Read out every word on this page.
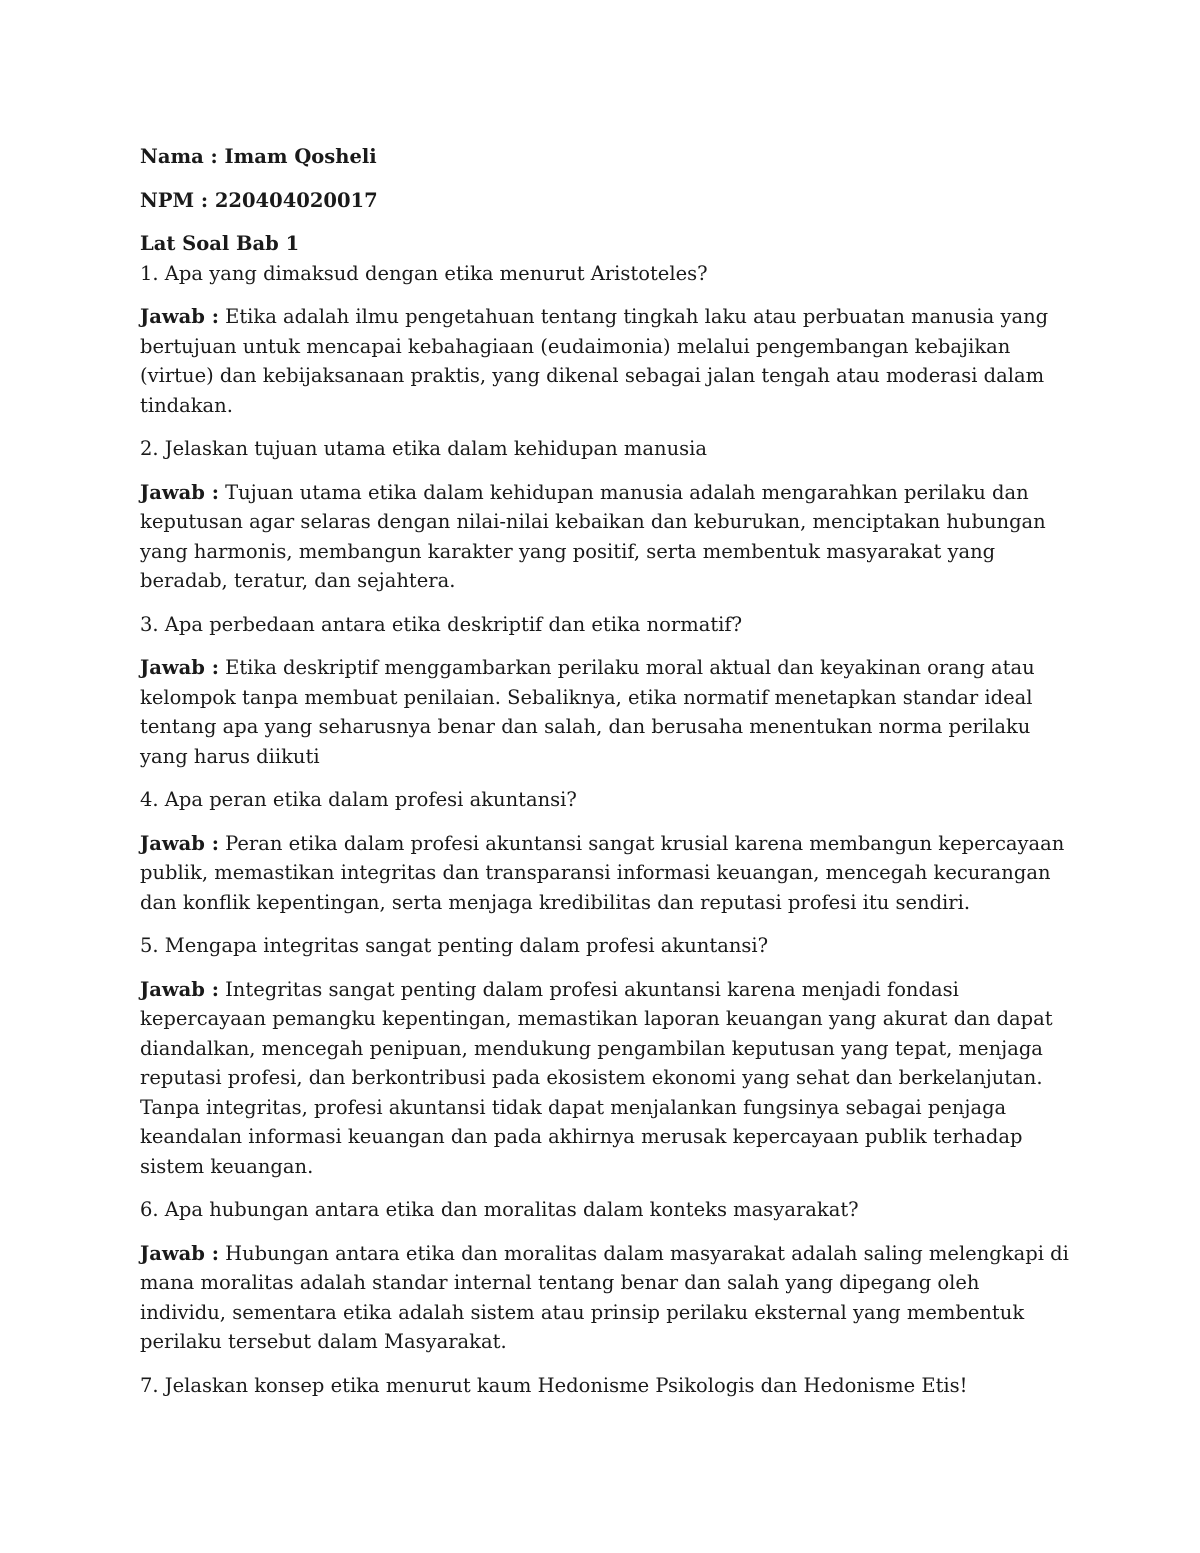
Nama : Imam Qosheli

NPM : 220404020017

Lat Soal Bab 1

1. Apa yang dimaksud dengan etika menurut Aristoteles?

Jawab : Etika adalah ilmu pengetahuan tentang tingkah laku atau perbuatan manusia yang bertujuan untuk mencapai kebahagiaan (eudaimonia) melalui pengembangan kebajikan (virtue) dan kebijaksanaan praktis, yang dikenal sebagai jalan tengah atau moderasi dalam tindakan.

2. Jelaskan tujuan utama etika dalam kehidupan manusia

Jawab : Tujuan utama etika dalam kehidupan manusia adalah mengarahkan perilaku dan keputusan agar selaras dengan nilai-nilai kebaikan dan keburukan, menciptakan hubungan yang harmonis, membangun karakter yang positif, serta membentuk masyarakat yang beradab, teratur, dan sejahtera.

3. Apa perbedaan antara etika deskriptif dan etika normatif?

Jawab : Etika deskriptif menggambarkan perilaku moral aktual dan keyakinan orang atau kelompok tanpa membuat penilaian. Sebaliknya, etika normatif menetapkan standar ideal tentang apa yang seharusnya benar dan salah, dan berusaha menentukan norma perilaku yang harus diikuti

4. Apa peran etika dalam profesi akuntansi?

Jawab : Peran etika dalam profesi akuntansi sangat krusial karena membangun kepercayaan publik, memastikan integritas dan transparansi informasi keuangan, mencegah kecurangan dan konflik kepentingan, serta menjaga kredibilitas dan reputasi profesi itu sendiri.

5. Mengapa integritas sangat penting dalam profesi akuntansi?

Jawab : Integritas sangat penting dalam profesi akuntansi karena menjadi fondasi kepercayaan pemangku kepentingan, memastikan laporan keuangan yang akurat dan dapat diandalkan, mencegah penipuan, mendukung pengambilan keputusan yang tepat, menjaga reputasi profesi, dan berkontribusi pada ekosistem ekonomi yang sehat dan berkelanjutan. Tanpa integritas, profesi akuntansi tidak dapat menjalankan fungsinya sebagai penjaga keandalan informasi keuangan dan pada akhirnya merusak kepercayaan publik terhadap sistem keuangan.

6. Apa hubungan antara etika dan moralitas dalam konteks masyarakat?

Jawab : Hubungan antara etika dan moralitas dalam masyarakat adalah saling melengkapi di mana moralitas adalah standar internal tentang benar dan salah yang dipegang oleh individu, sementara etika adalah sistem atau prinsip perilaku eksternal yang membentuk perilaku tersebut dalam Masyarakat.

7. Jelaskan konsep etika menurut kaum Hedonisme Psikologis dan Hedonisme Etis!
